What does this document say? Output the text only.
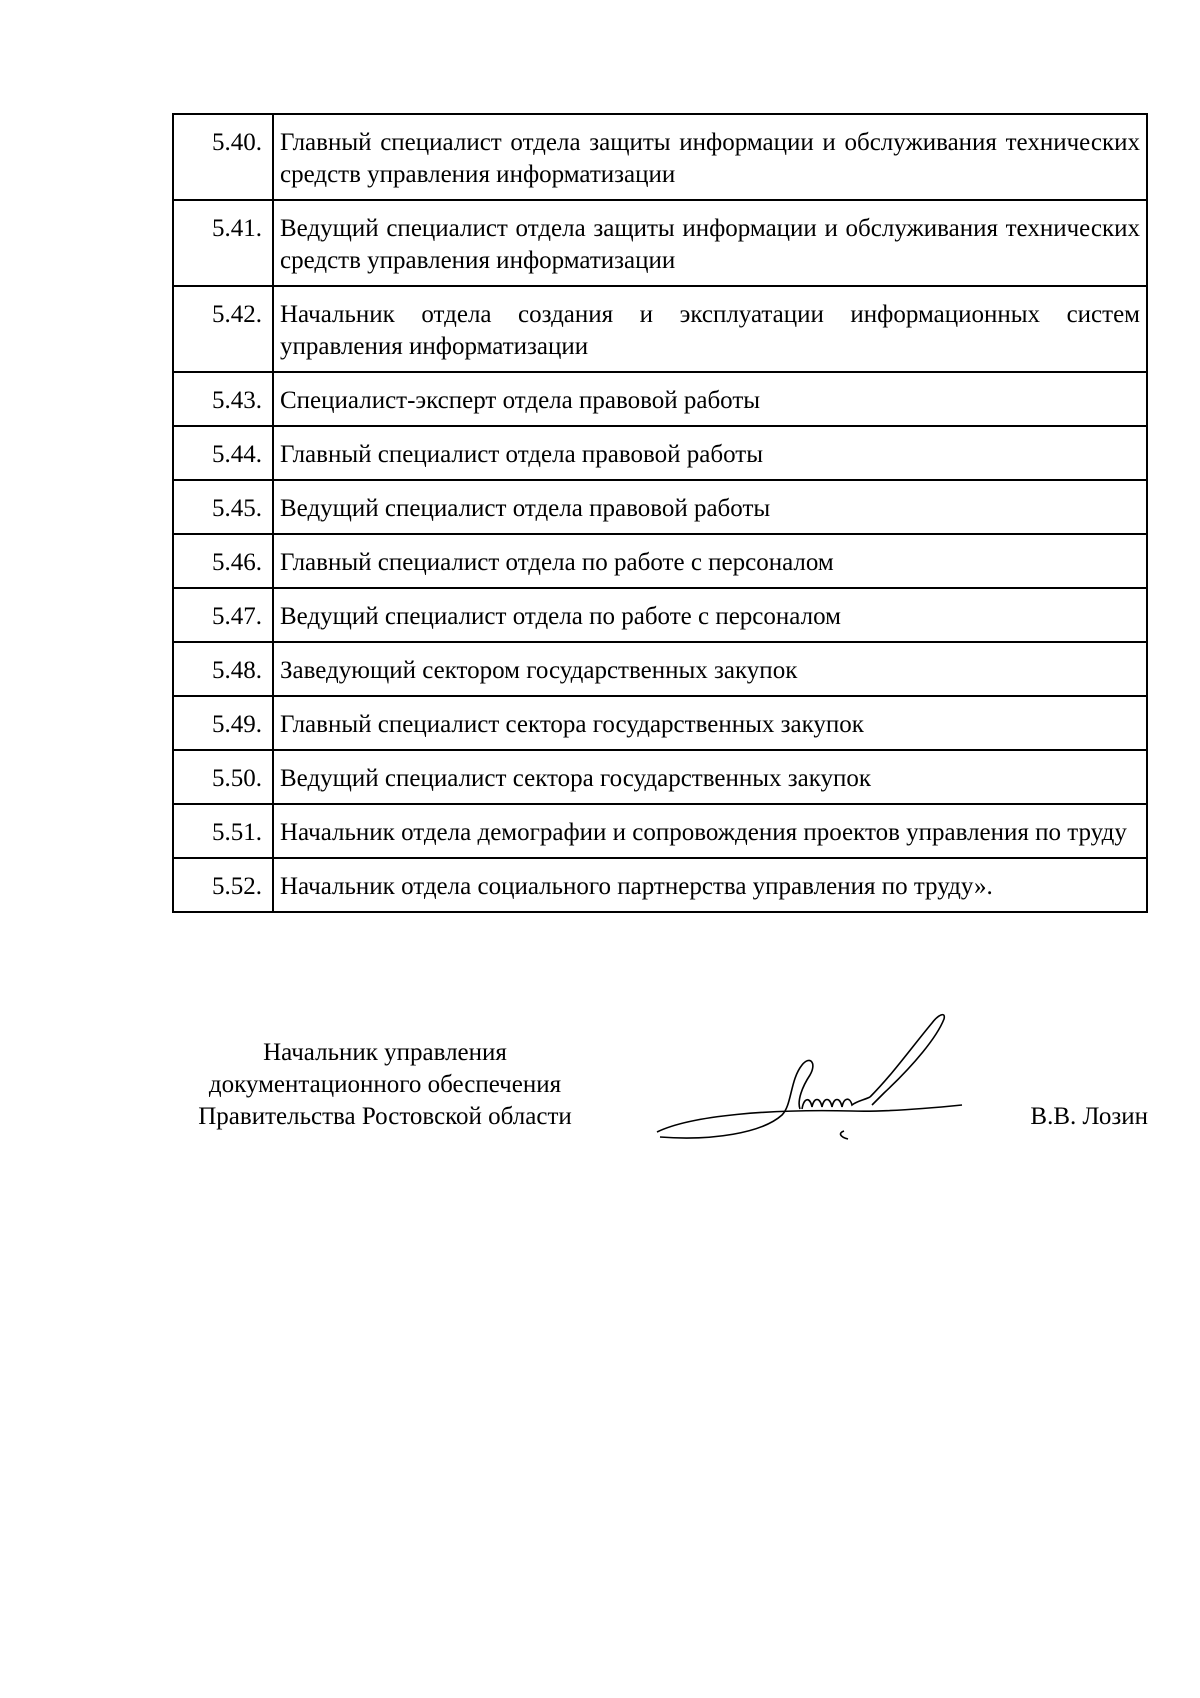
5.40.	Главный специалист отдела защиты информации и обслуживания технических средств управления информатизации
5.41.	Ведущий специалист отдела защиты информации и обслуживания технических средств управления информатизации
5.42.	Начальник отдела создания и эксплуатации информационных систем управления информатизации
5.43.	Специалист-эксперт отдела правовой работы
5.44.	Главный специалист отдела правовой работы
5.45.	Ведущий специалист отдела правовой работы
5.46.	Главный специалист отдела по работе с персоналом
5.47.	Ведущий специалист отдела по работе с персоналом
5.48.	Заведующий сектором государственных закупок
5.49.	Главный специалист сектора государственных закупок
5.50.	Ведущий специалист сектора государственных закупок
5.51.	Начальник отдела демографии и сопровождения проектов управления по труду
5.52.	Начальник отдела социального партнерства управления по труду».
Начальник управления
документационного обеспечения
Правительства Ростовской области	В.В. Лозин
